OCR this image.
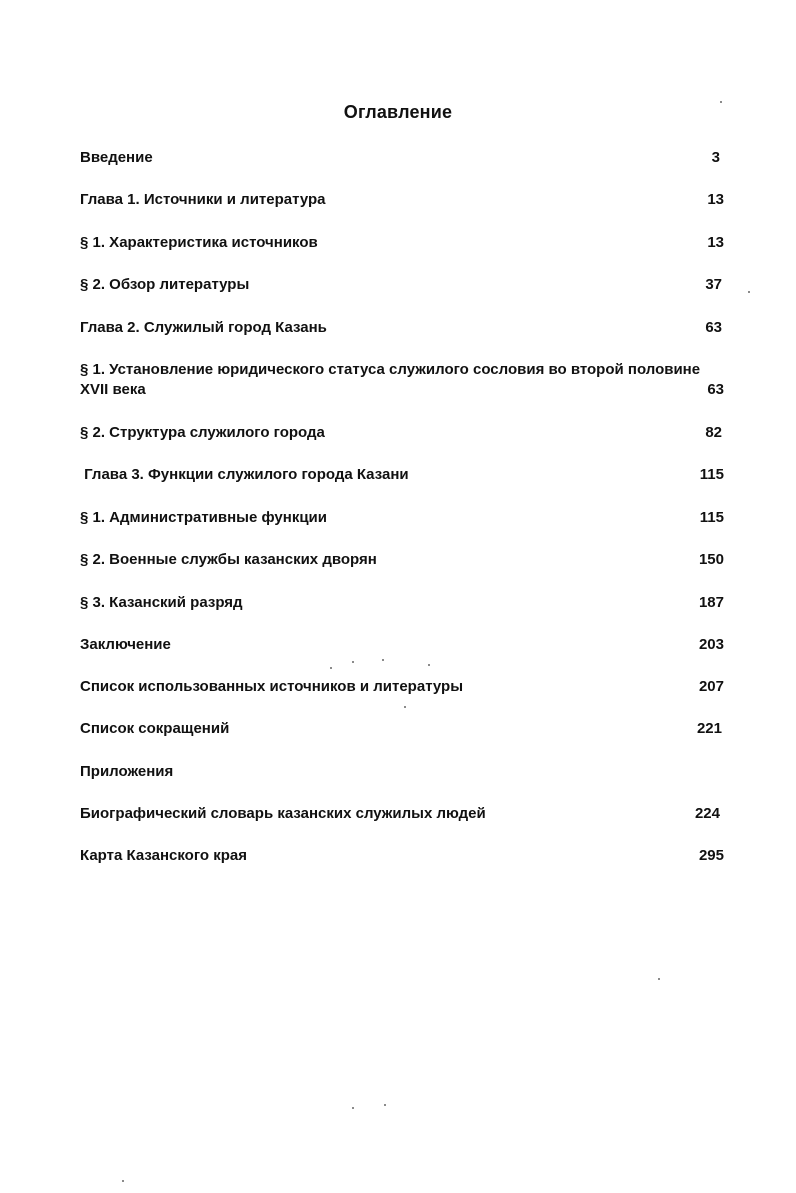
Оглавление
Введение	3
Глава 1. Источники и литература	13
§ 1. Характеристика источников	13
§ 2. Обзор литературы	37
Глава 2. Служилый город Казань	63
§ 1. Установление юридического статуса служилого сословия во второй половине XVII века	63
§ 2. Структура служилого города	82
Глава 3. Функции служилого города Казани	115
§ 1. Административные функции	115
§ 2. Военные службы казанских дворян	150
§ 3. Казанский разряд	187
Заключение	203
Список использованных источников и литературы	207
Список сокращений	221
Приложения
Биографический словарь казанских служилых людей	224
Карта Казанского края	295
